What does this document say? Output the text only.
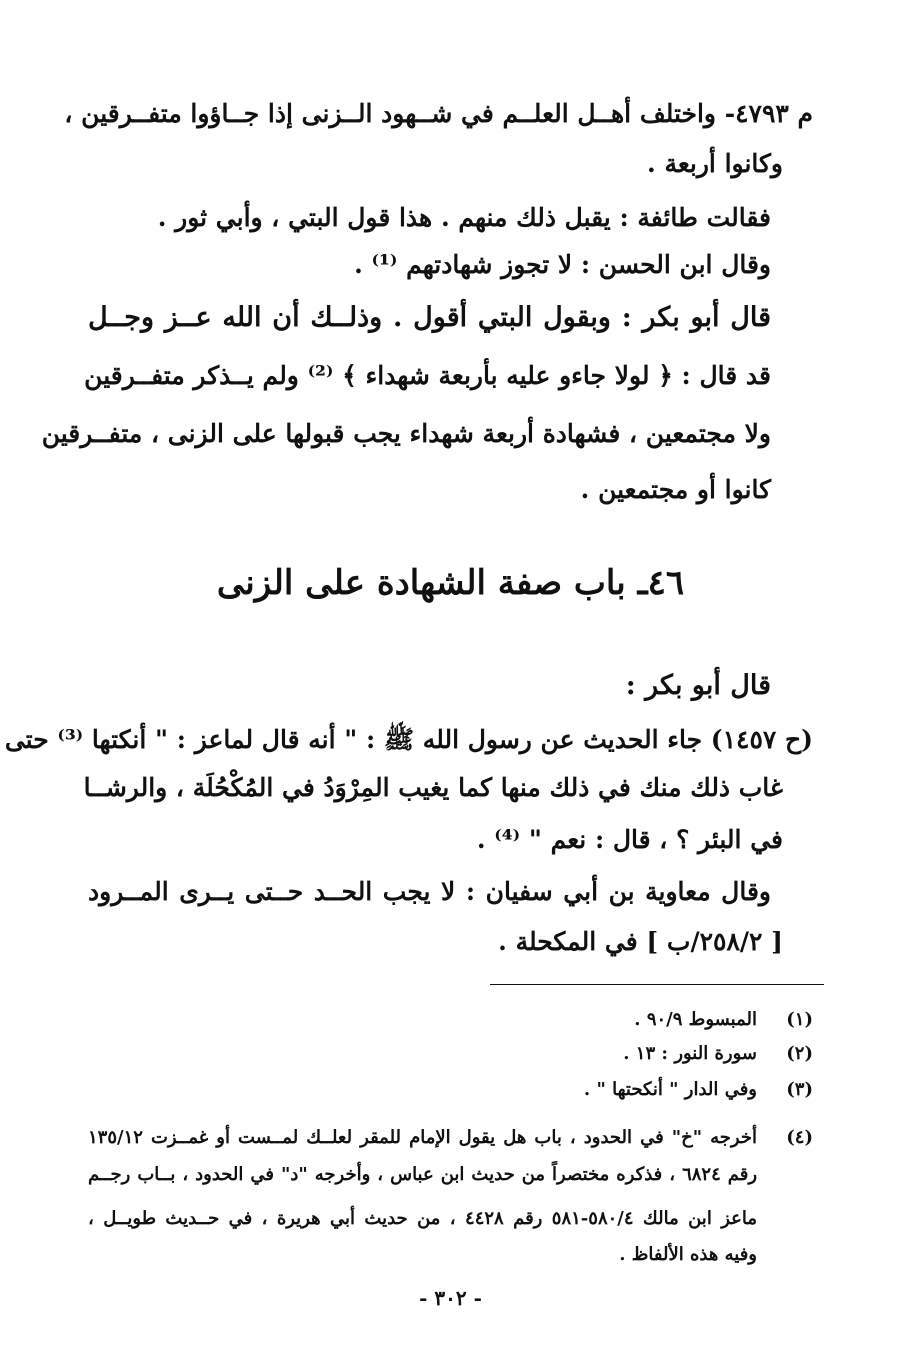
م ٤٧٩٣- واختلف أهــل العلــم في شــهود الــزنى إذا جــاؤوا متفــرقين ،

وكانوا أربعة .

فقالت طائفة : يقبل ذلك منهم . هذا قول البتي ، وأبي ثور .

وقال ابن الحسن : لا تجوز شهادتهم ⁽¹⁾ .

قال أبو بكر : وبقول البتي أقول . وذلــك أن الله عــز وجــل

قد قال : ﴿ لولا جاءو عليه بأربعة شهداء ﴾ ⁽²⁾ ولم يــذكر متفــرقين

ولا مجتمعين ، فشهادة أربعة شهداء يجب قبولها على الزنى ، متفــرقين

كانوا أو مجتمعين .

٤٦ـ باب صفة الشهادة على الزنى

قال أبو بكر :

(ح ١٤٥٧) جاء الحديث عن رسول الله ﷺ : " أنه قال لماعز : " أنكتها ⁽³⁾ حتى

غاب ذلك منك في ذلك منها كما يغيب المِرْوَدُ في المُكْحُلَة ، والرشــا

في البئر ؟ ، قال : نعم " ⁽⁴⁾ .

وقال معاوية بن أبي سفيان : لا يجب الحــد حــتى يــرى المــرود

[ ٢٥٨/٢/ب ] في المكحلة .

(١)
المبسوط ٩٠/٩ .
(٢)
سورة النور : ١٣ .
(٣)
وفي الدار " أنكحتها " .
(٤)
أخرجه "خ" في الحدود ، باب هل يقول الإمام للمقر لعلــك لمــست أو غمــزت ١٣٥/١٢

رقم ٦٨٢٤ ، فذكره مختصراً من حديث ابن عباس ، وأخرجه "د" في الحدود ، بــاب رجــم

ماعز ابن مالك ٥٨٠/٤-٥٨١ رقم ٤٤٢٨ ، من حديث أبي هريرة ، في حــديث طويــل ،

وفيه هذه الألفاظ .

- ٣٠٢ -
